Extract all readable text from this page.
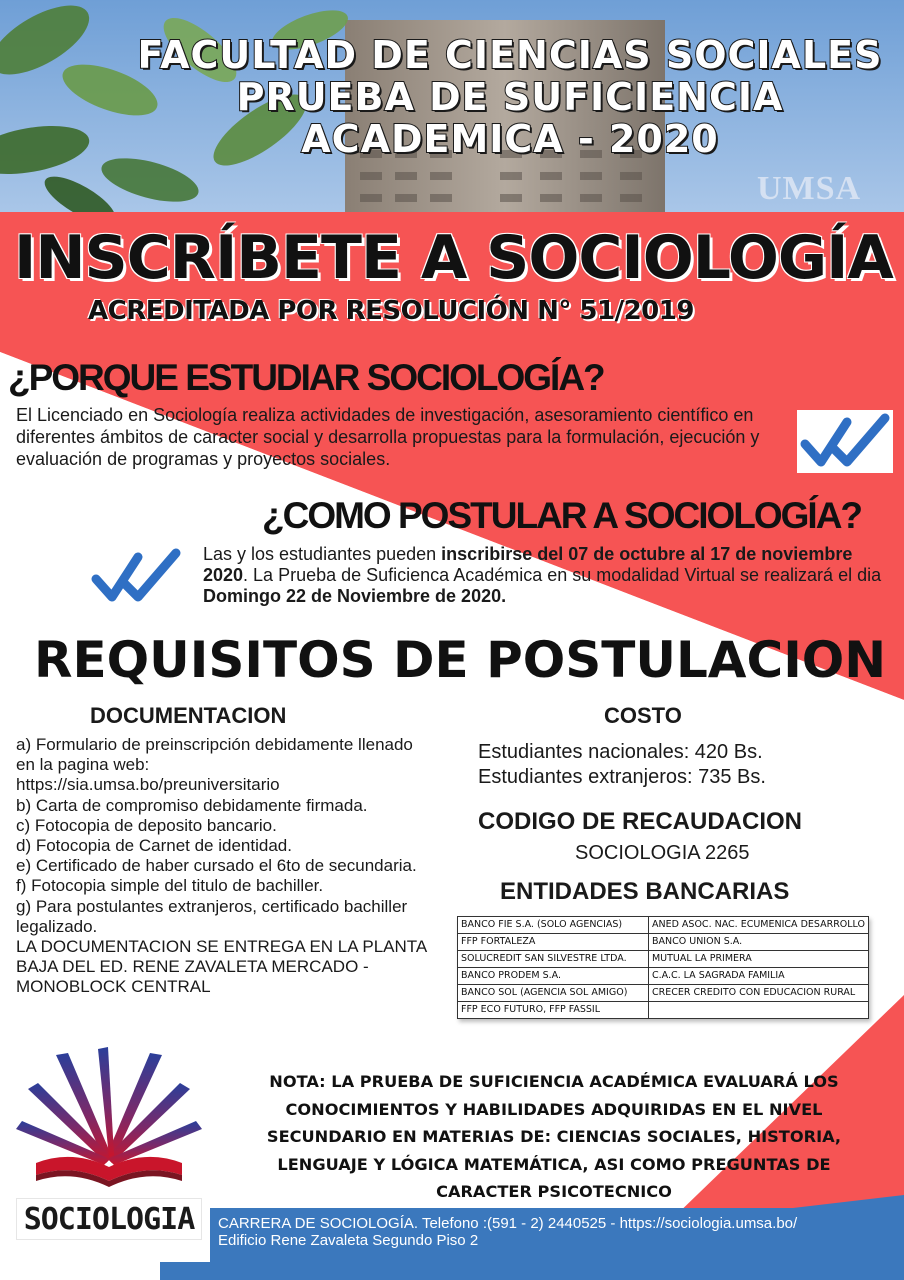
FACULTAD DE CIENCIAS SOCIALES
PRUEBA DE SUFICIENCIA
ACADEMICA - 2020
UMSA
INSCRÍBETE A SOCIOLOGÍA
ACREDITADA POR RESOLUCIÓN N° 51/2019
¿PORQUE ESTUDIAR SOCIOLOGÍA?
El Licenciado en Sociología realiza actividades de investigación, asesoramiento científico en diferentes ámbitos de caracter social y desarrolla propuestas para la formulación, ejecución y evaluación de programas y proyectos sociales.
¿COMO POSTULAR A SOCIOLOGÍA?
Las y los estudiantes pueden inscribirse del 07 de octubre al 17 de noviembre 2020. La Prueba de Suficienca Académica en su modalidad Virtual se realizará el dia Domingo 22 de Noviembre de 2020.
REQUISITOS DE POSTULACION
DOCUMENTACION
a) Formulario de preinscripción debidamente llenado en la pagina web:
https://sia.umsa.bo/preuniversitario
b) Carta de compromiso debidamente firmada.
c) Fotocopia de deposito bancario.
d) Fotocopia de Carnet de identidad.
e) Certificado de haber cursado el 6to de secundaria.
f) Fotocopia simple del titulo de bachiller.
g) Para postulantes extranjeros, certificado bachiller legalizado.
LA DOCUMENTACION SE ENTREGA EN LA PLANTA BAJA DEL ED. RENE ZAVALETA MERCADO - MONOBLOCK CENTRAL
COSTO
Estudiantes nacionales: 420 Bs.
Estudiantes extranjeros: 735 Bs.
CODIGO DE RECAUDACION
SOCIOLOGIA 2265
ENTIDADES BANCARIAS
BANCO FIE S.A. (SOLO AGENCIAS)	ANED ASOC. NAC. ECUMENICA DESARROLLO
FFP FORTALEZA	BANCO UNION S.A.
SOLUCREDIT SAN SILVESTRE LTDA.	MUTUAL LA PRIMERA
BANCO PRODEM S.A.	C.A.C. LA SAGRADA FAMILIA
BANCO SOL (AGENCIA SOL AMIGO)	CRECER CREDITO CON EDUCACION RURAL
FFP ECO FUTURO, FFP FASSIL	
SOCIOLOGIA
NOTA: LA PRUEBA DE SUFICIENCIA ACADÉMICA EVALUARÁ LOS CONOCIMIENTOS Y HABILIDADES ADQUIRIDAS EN EL NIVEL SECUNDARIO EN MATERIAS DE: CIENCIAS SOCIALES, HISTORIA, LENGUAJE Y LÓGICA MATEMÁTICA, ASI COMO PREGUNTAS DE CARACTER PSICOTECNICO
CARRERA DE SOCIOLOGÍA. Telefono :(591 - 2) 2440525 - https://sociologia.umsa.bo/
Edificio Rene Zavaleta Segundo Piso 2
